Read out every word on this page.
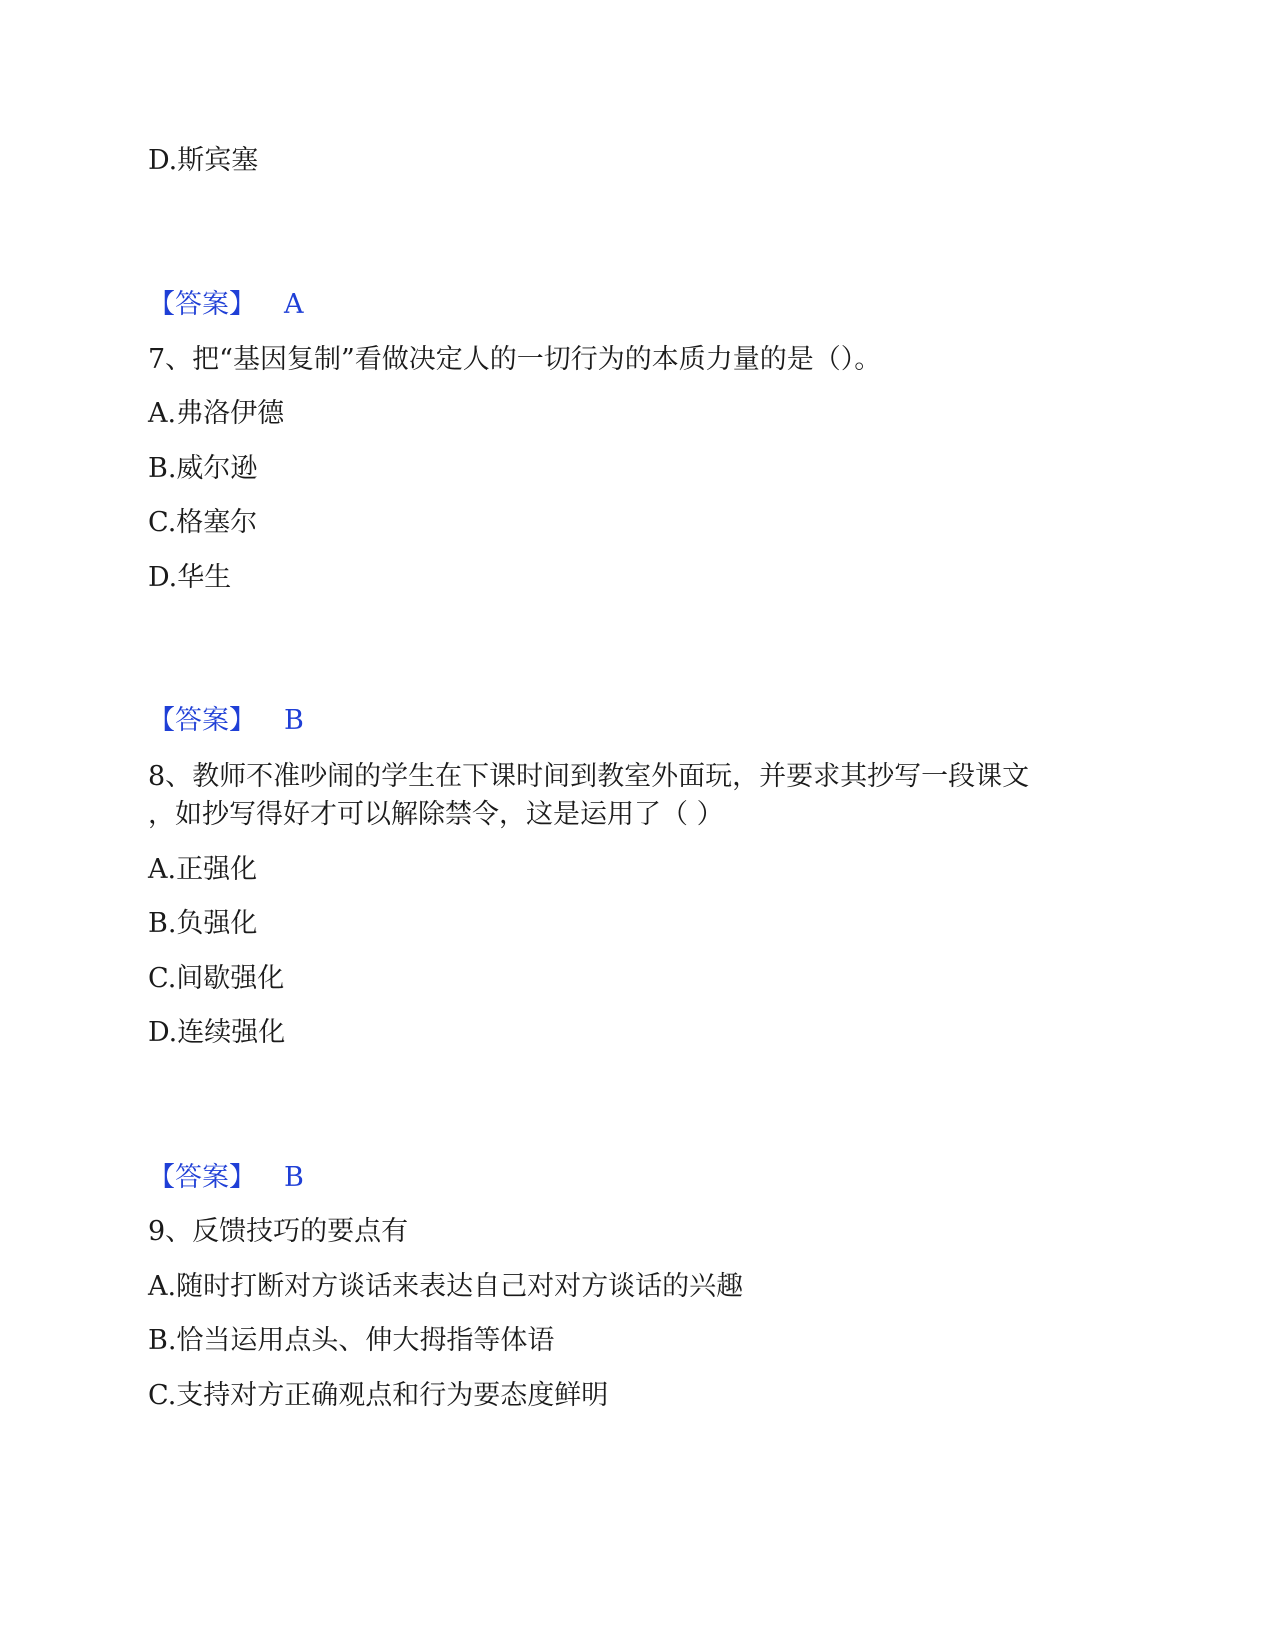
D.斯宾塞
【答案】 A
7、把“基因复制”看做决定人的一切行为的本质力量的是（）。
A.弗洛伊德
B.威尔逊
C.格塞尔
D.华生
【答案】 B
8、教师不准吵闹的学生在下课时间到教室外面玩，并要求其抄写一段课文
，如抄写得好才可以解除禁令，这是运用了（ ）
A.正强化
B.负强化
C.间歇强化
D.连续强化
【答案】 B
9、反馈技巧的要点有
A.随时打断对方谈话来表达自己对对方谈话的兴趣
B.恰当运用点头、伸大拇指等体语
C.支持对方正确观点和行为要态度鲜明
